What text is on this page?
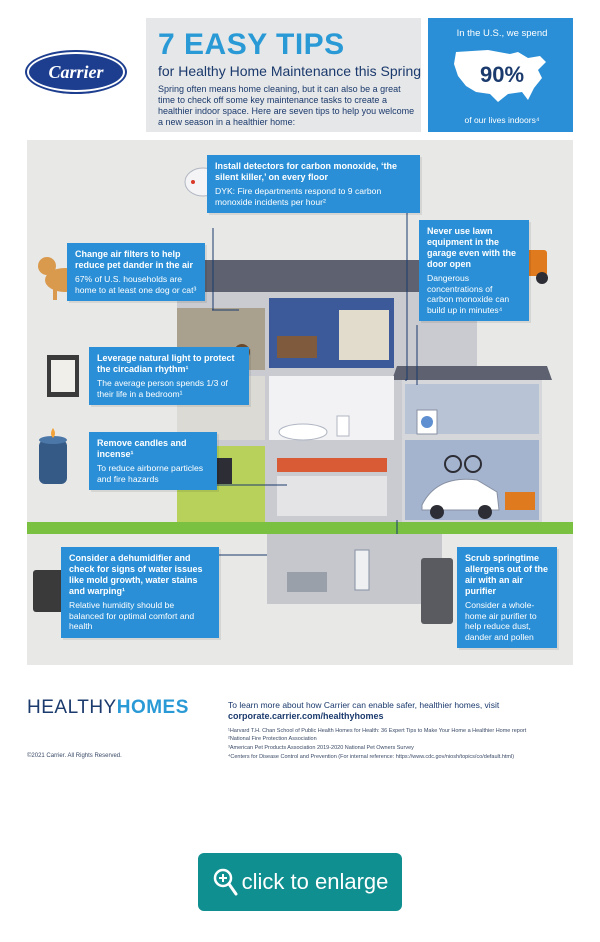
Carrier
7 EASY TIPS
for Healthy Home Maintenance this Spring
Spring often means home cleaning, but it can also be a great time to check off some key maintenance tasks to create a healthier indoor space. Here are seven tips to help you welcome a new season in a healthier home:
In the U.S., we spend
90%
of our lives indoors⁴
Install detectors for carbon monoxide, ‘the silent killer,’ on every floor
DYK: Fire departments respond to 9 carbon monoxide incidents per hour²
Change air filters to help reduce pet dander in the air
67% of U.S. households are home to at least one dog or cat³
Never use lawn equipment in the garage even with the door open
Dangerous concentrations of carbon monoxide can build up in minutes⁴
Leverage natural light to protect the circadian rhythm¹
The average person spends 1/3 of their life in a bedroom¹
Remove candles and incense¹
To reduce airborne particles and fire hazards
Consider a dehumidifier and check for signs of water issues like mold growth, water stains and warping¹
Relative humidity should be balanced for optimal comfort and health
Scrub springtime allergens out of the air with an air purifier
Consider a whole-home air purifier to help reduce dust, dander and pollen
HEALTHYHOMES	To learn more about how Carrier can enable safer, healthier homes, visit
corporate.carrier.com/healthyhomes
¹Harvard T.H. Chan School of Public Health Homes for Health: 36 Expert Tips to Make Your Home a Healthier Home report
²National Fire Protection Association
³American Pet Products Association 2019-2020 National Pet Owners Survey
⁴Centers for Disease Control and Prevention (For internal reference: https://www.cdc.gov/niosh/topics/co/default.html)
©2021 Carrier. All Rights Reserved.
click to enlarge
